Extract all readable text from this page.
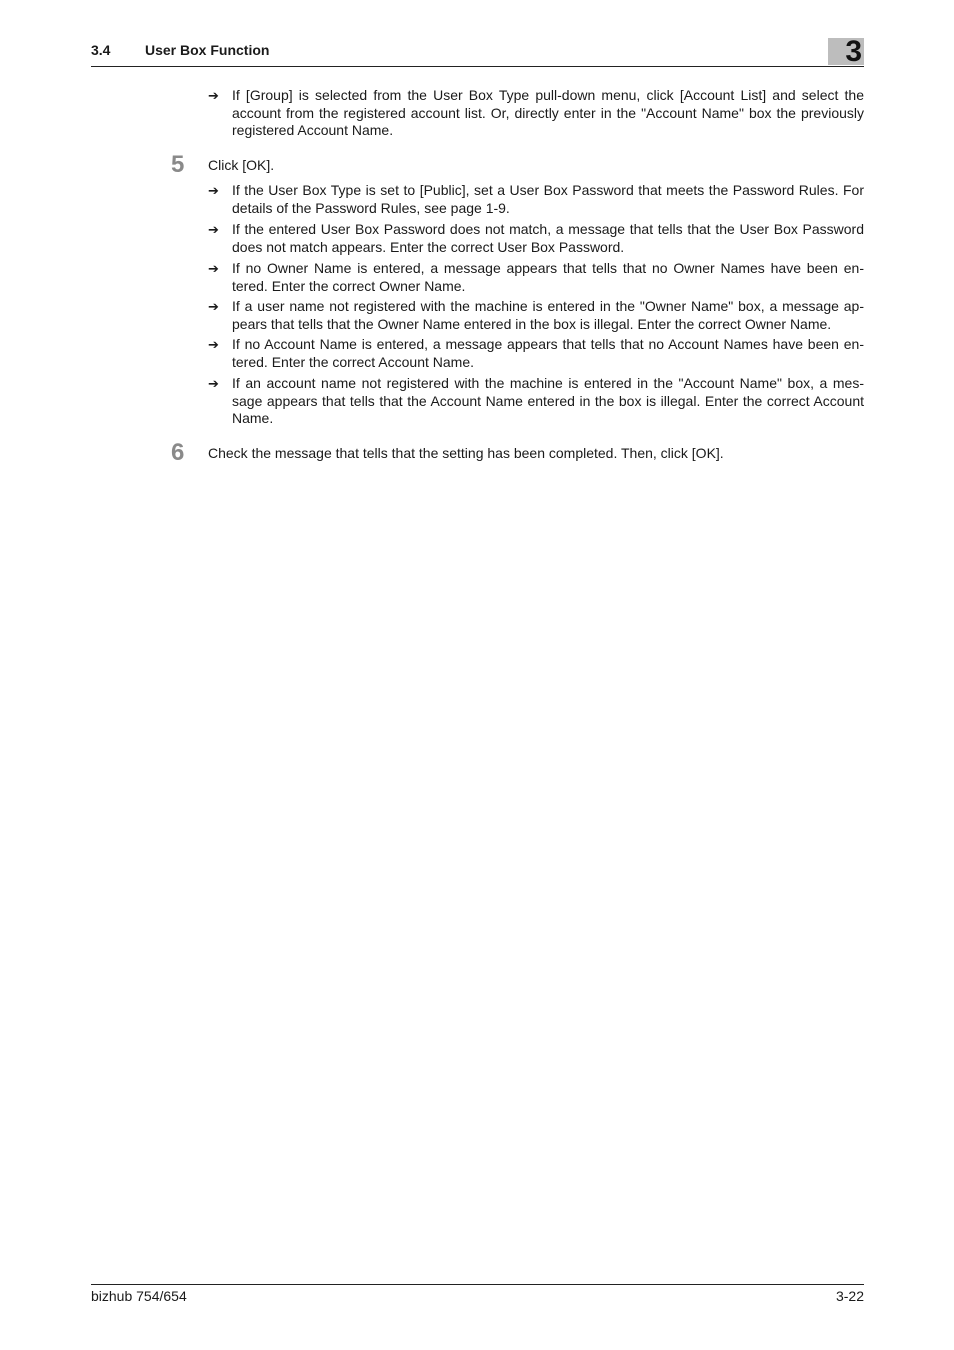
3.4 User Box Function	3
➔ If [Group] is selected from the User Box Type pull-down menu, click [Account List] and select the account from the registered account list. Or, directly enter in the "Account Name" box the previously registered Account Name.
5 Click [OK].
➔ If the User Box Type is set to [Public], set a User Box Password that meets the Password Rules. For details of the Password Rules, see page 1-9.
➔ If the entered User Box Password does not match, a message that tells that the User Box Password does not match appears. Enter the correct User Box Password.
➔ If no Owner Name is entered, a message appears that tells that no Owner Names have been en-tered. Enter the correct Owner Name.
➔ If a user name not registered with the machine is entered in the "Owner Name" box, a message ap-pears that tells that the Owner Name entered in the box is illegal. Enter the correct Owner Name.
➔ If no Account Name is entered, a message appears that tells that no Account Names have been en-tered. Enter the correct Account Name.
➔ If an account name not registered with the machine is entered in the "Account Name" box, a mes-sage appears that tells that the Account Name entered in the box is illegal. Enter the correct Account Name.
6 Check the message that tells that the setting has been completed. Then, click [OK].
bizhub 754/654	3-22
